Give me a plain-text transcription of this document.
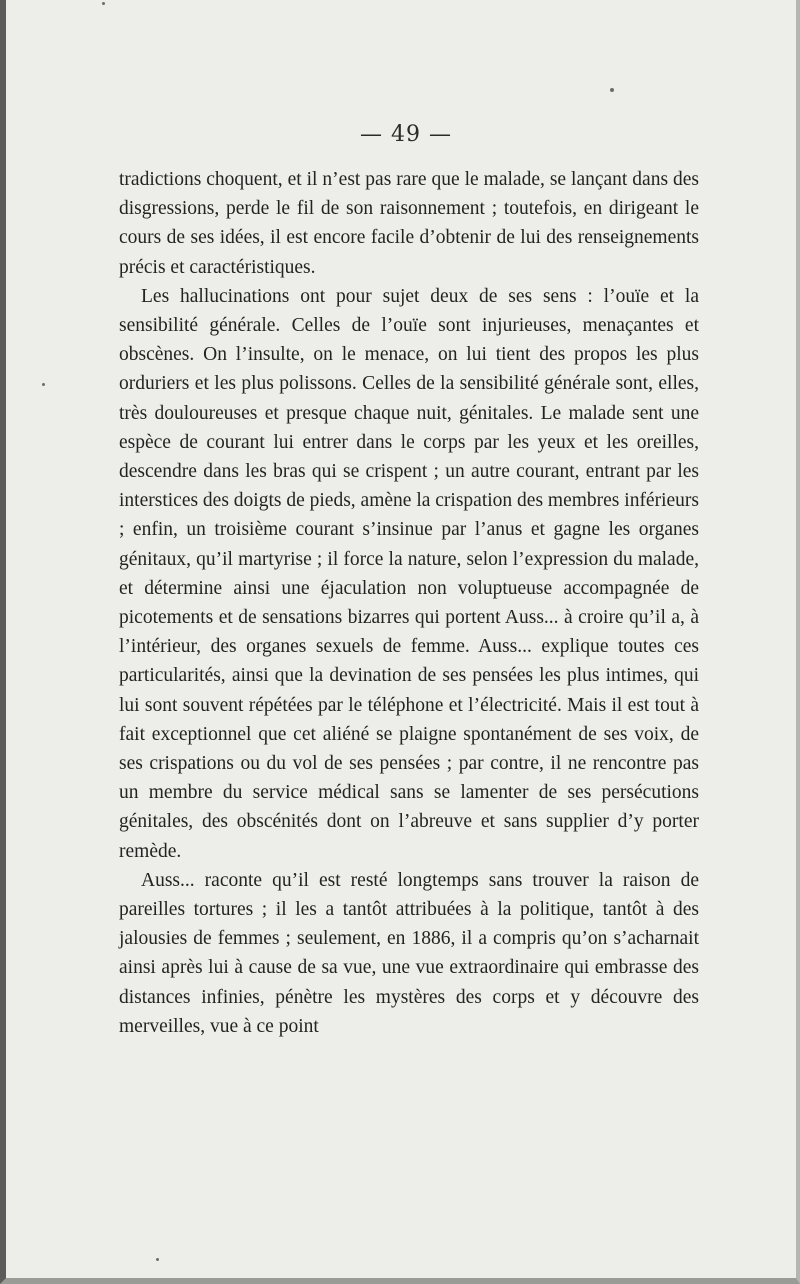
— 49 —

tradictions choquent, et il n’est pas rare que le malade, se lançant dans des disgressions, perde le fil de son raisonnement ; toutefois, en dirigeant le cours de ses idées, il est encore facile d’obtenir de lui des renseignements précis et caractéristiques.

Les hallucinations ont pour sujet deux de ses sens : l’ouïe et la sensibilité générale. Celles de l’ouïe sont injurieuses, menaçantes et obscènes. On l’insulte, on le menace, on lui tient des propos les plus orduriers et les plus polissons. Celles de la sensibilité générale sont, elles, très douloureuses et presque chaque nuit, génitales. Le malade sent une espèce de courant lui entrer dans le corps par les yeux et les oreilles, descendre dans les bras qui se crispent ; un autre courant, entrant par les interstices des doigts de pieds, amène la crispation des membres inférieurs ; enfin, un troisième courant s’insinue par l’anus et gagne les organes génitaux, qu’il martyrise ; il force la nature, selon l’expression du malade, et détermine ainsi une éjaculation non voluptueuse accompagnée de picotements et de sensations bizarres qui portent Auss... à croire qu’il a, à l’intérieur, des organes sexuels de femme. Auss... explique toutes ces particularités, ainsi que la devination de ses pensées les plus intimes, qui lui sont souvent répétées par le téléphone et l’électricité. Mais il est tout à fait exceptionnel que cet aliéné se plaigne spontanément de ses voix, de ses crispations ou du vol de ses pensées ; par contre, il ne rencontre pas un membre du service médical sans se lamenter de ses persécutions génitales, des obscénités dont on l’abreuve et sans supplier d’y porter remède.

Auss... raconte qu’il est resté longtemps sans trouver la raison de pareilles tortures ; il les a tantôt attribuées à la politique, tantôt à des jalousies de femmes ; seulement, en 1886, il a compris qu’on s’acharnait ainsi après lui à cause de sa vue, une vue extraordinaire qui embrasse des distances infinies, pénètre les mystères des corps et y découvre des merveilles, vue à ce point
